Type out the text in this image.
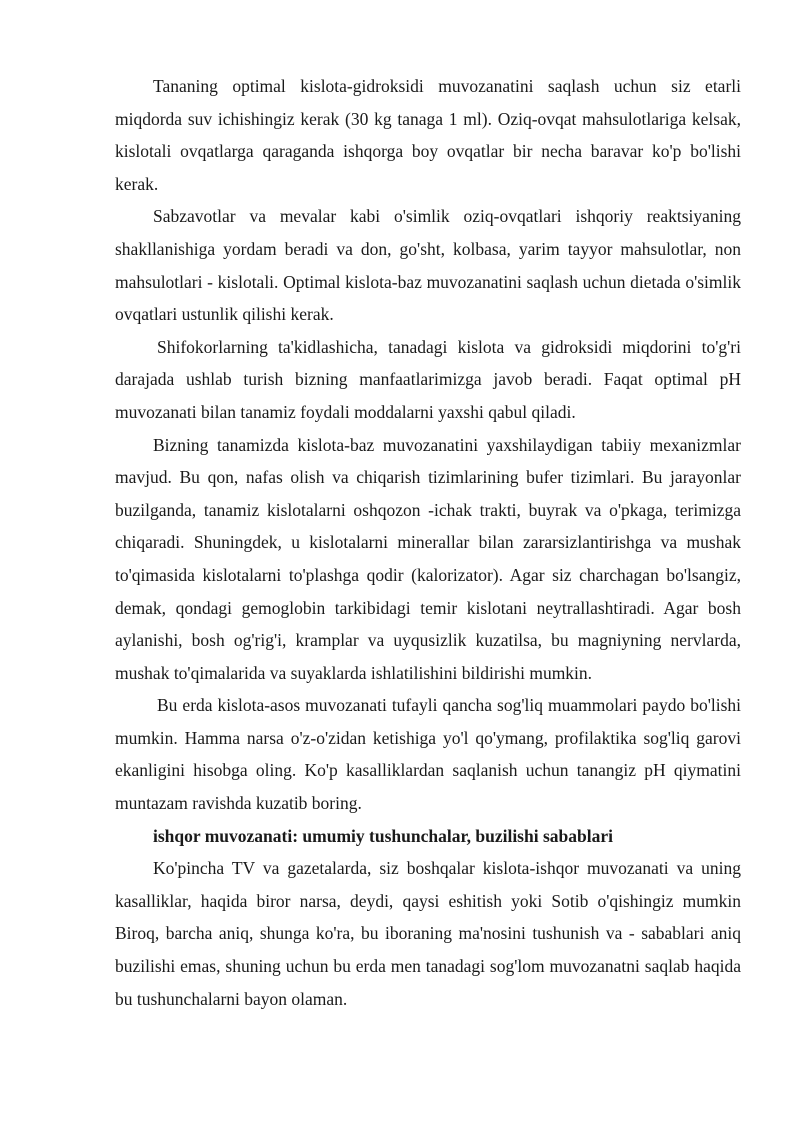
Tananing optimal kislota-gidroksidi muvozanatini saqlash uchun siz etarli miqdorda suv ichishingiz kerak (30 kg tanaga 1 ml). Oziq-ovqat mahsulotlariga kelsak, kislotali ovqatlarga qaraganda ishqorga boy ovqatlar bir necha baravar ko'p bo'lishi kerak.

Sabzavotlar va mevalar kabi o'simlik oziq-ovqatlari ishqoriy reaktsiyaning shakllanishiga yordam beradi va don, go'sht, kolbasa, yarim tayyor mahsulotlar, non mahsulotlari - kislotali. Optimal kislota-baz muvozanatini saqlash uchun dietada o'simlik ovqatlari ustunlik qilishi kerak.

Shifokorlarning ta'kidlashicha, tanadagi kislota va gidroksidi miqdorini to'g'ri darajada ushlab turish bizning manfaatlarimizga javob beradi. Faqat optimal pH muvozanati bilan tanamiz foydali moddalarni yaxshi qabul qiladi.

Bizning tanamizda kislota-baz muvozanatini yaxshilaydigan tabiiy mexanizmlar mavjud. Bu qon, nafas olish va chiqarish tizimlarining bufer tizimlari. Bu jarayonlar buzilganda, tanamiz kislotalarni oshqozon -ichak trakti, buyrak va o'pkaga, terimizga chiqaradi. Shuningdek, u kislotalarni minerallar bilan zararsizlantirishga va mushak to'qimasida kislotalarni to'plashga qodir (kalorizator). Agar siz charchagan bo'lsangiz, demak, qondagi gemoglobin tarkibidagi temir kislotani neytrallashtiradi. Agar bosh aylanishi, bosh og'rig'i, kramplar va uyqusizlik kuzatilsa, bu magniyning nervlarda, mushak to'qimalarida va suyaklarda ishlatilishini bildirishi mumkin.

Bu erda kislota-asos muvozanati tufayli qancha sog'liq muammolari paydo bo'lishi mumkin. Hamma narsa o'z-o'zidan ketishiga yo'l qo'ymang, profilaktika sog'liq garovi ekanligini hisobga oling. Ko'p kasalliklardan saqlanish uchun tanangiz pH qiymatini muntazam ravishda kuzatib boring.

ishqor muvozanati: umumiy tushunchalar, buzilishi sabablari

Ko'pincha TV va gazetalarda, siz boshqalar kislota-ishqor muvozanati va uning kasalliklar, haqida biror narsa, deydi, qaysi eshitish yoki Sotib o'qishingiz mumkin Biroq, barcha aniq, shunga ko'ra, bu iboraning ma'nosini tushunish va - sabablari aniq buzilishi emas, shuning uchun bu erda men tanadagi sog'lom muvozanatni saqlab haqida bu tushunchalarni bayon olaman.
